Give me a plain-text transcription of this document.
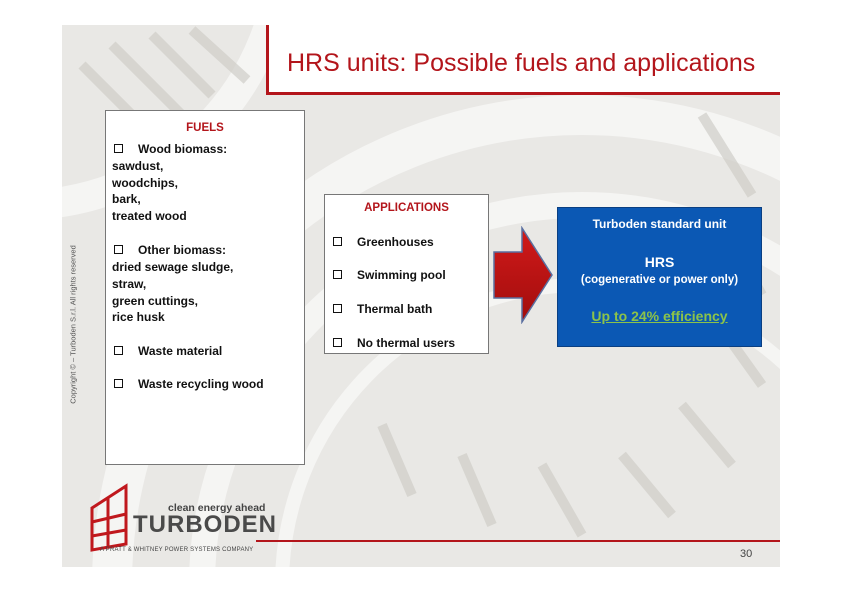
HRS units: Possible fuels and applications
Copyright © – Turboden S.r.l. All rights reserved
FUELS
Wood biomass:
sawdust,
woodchips,
bark,
treated wood
Other biomass:
dried sewage sludge,
straw,
green cuttings,
rice husk
Waste material
Waste recycling wood
APPLICATIONS
Greenhouses
Swimming pool
Thermal bath
No thermal users
Turboden standard unit
HRS
(cogenerative or power only)
Up to 24% efficiency
clean energy ahead
TURBODEN
A PRATT & WHITNEY POWER SYSTEMS COMPANY	30
